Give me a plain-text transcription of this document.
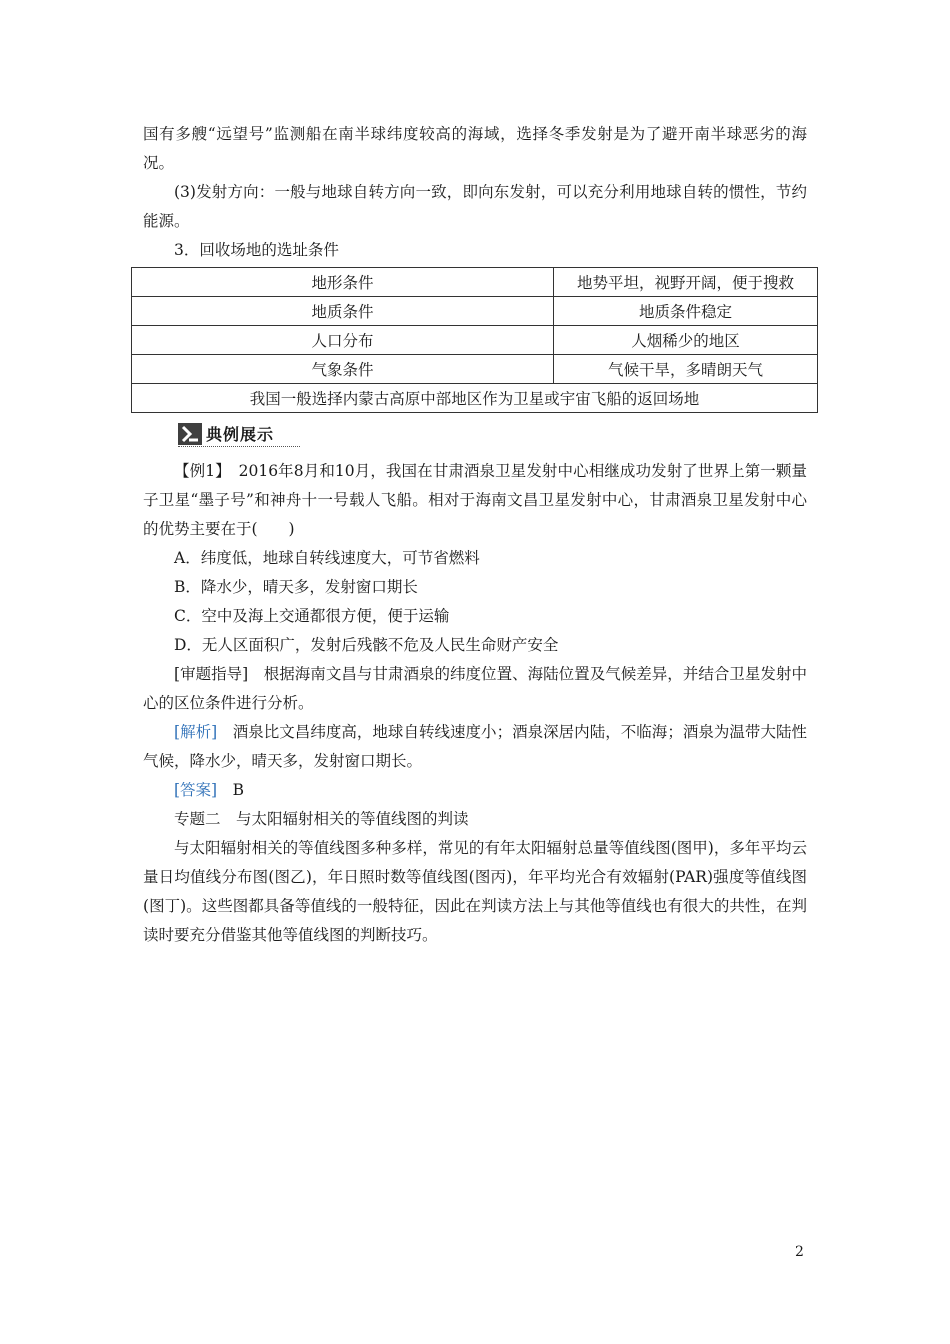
国有多艘“远望号”监测船在南半球纬度较高的海域，选择冬季发射是为了避开南半球恶劣的海况。

(3)发射方向：一般与地球自转方向一致，即向东发射，可以充分利用地球自转的惯性，节约能源。

3．回收场地的选址条件

地形条件	地势平坦，视野开阔，便于搜救
地质条件	地质条件稳定
人口分布	人烟稀少的地区
气象条件	气候干旱，多晴朗天气
我国一般选择内蒙古高原中部地区作为卫星或宇宙飞船的返回场地	
典例展示

【例1】　2016年8月和10月，我国在甘肃酒泉卫星发射中心相继成功发射了世界上第一颗量子卫星“墨子号”和神舟十一号载人飞船。相对于海南文昌卫星发射中心，甘肃酒泉卫星发射中心的优势主要在于(　　)

A．纬度低，地球自转线速度大，可节省燃料

B．降水少，晴天多，发射窗口期长

C．空中及海上交通都很方便，便于运输

D．无人区面积广，发射后残骸不危及人民生命财产安全

[审题指导]　根据海南文昌与甘肃酒泉的纬度位置、海陆位置及气候差异，并结合卫星发射中心的区位条件进行分析。

[解析]　酒泉比文昌纬度高，地球自转线速度小；酒泉深居内陆，不临海；酒泉为温带大陆性气候，降水少，晴天多，发射窗口期长。

[答案]　B

专题二　与太阳辐射相关的等值线图的判读

与太阳辐射相关的等值线图多种多样，常见的有年太阳辐射总量等值线图(图甲)，多年平均云量日均值线分布图(图乙)，年日照时数等值线图(图丙)，年平均光合有效辐射(PAR)强度等值线图(图丁)。这些图都具备等值线的一般特征，因此在判读方法上与其他等值线也有很大的共性，在判读时要充分借鉴其他等值线图的判断技巧。

2
